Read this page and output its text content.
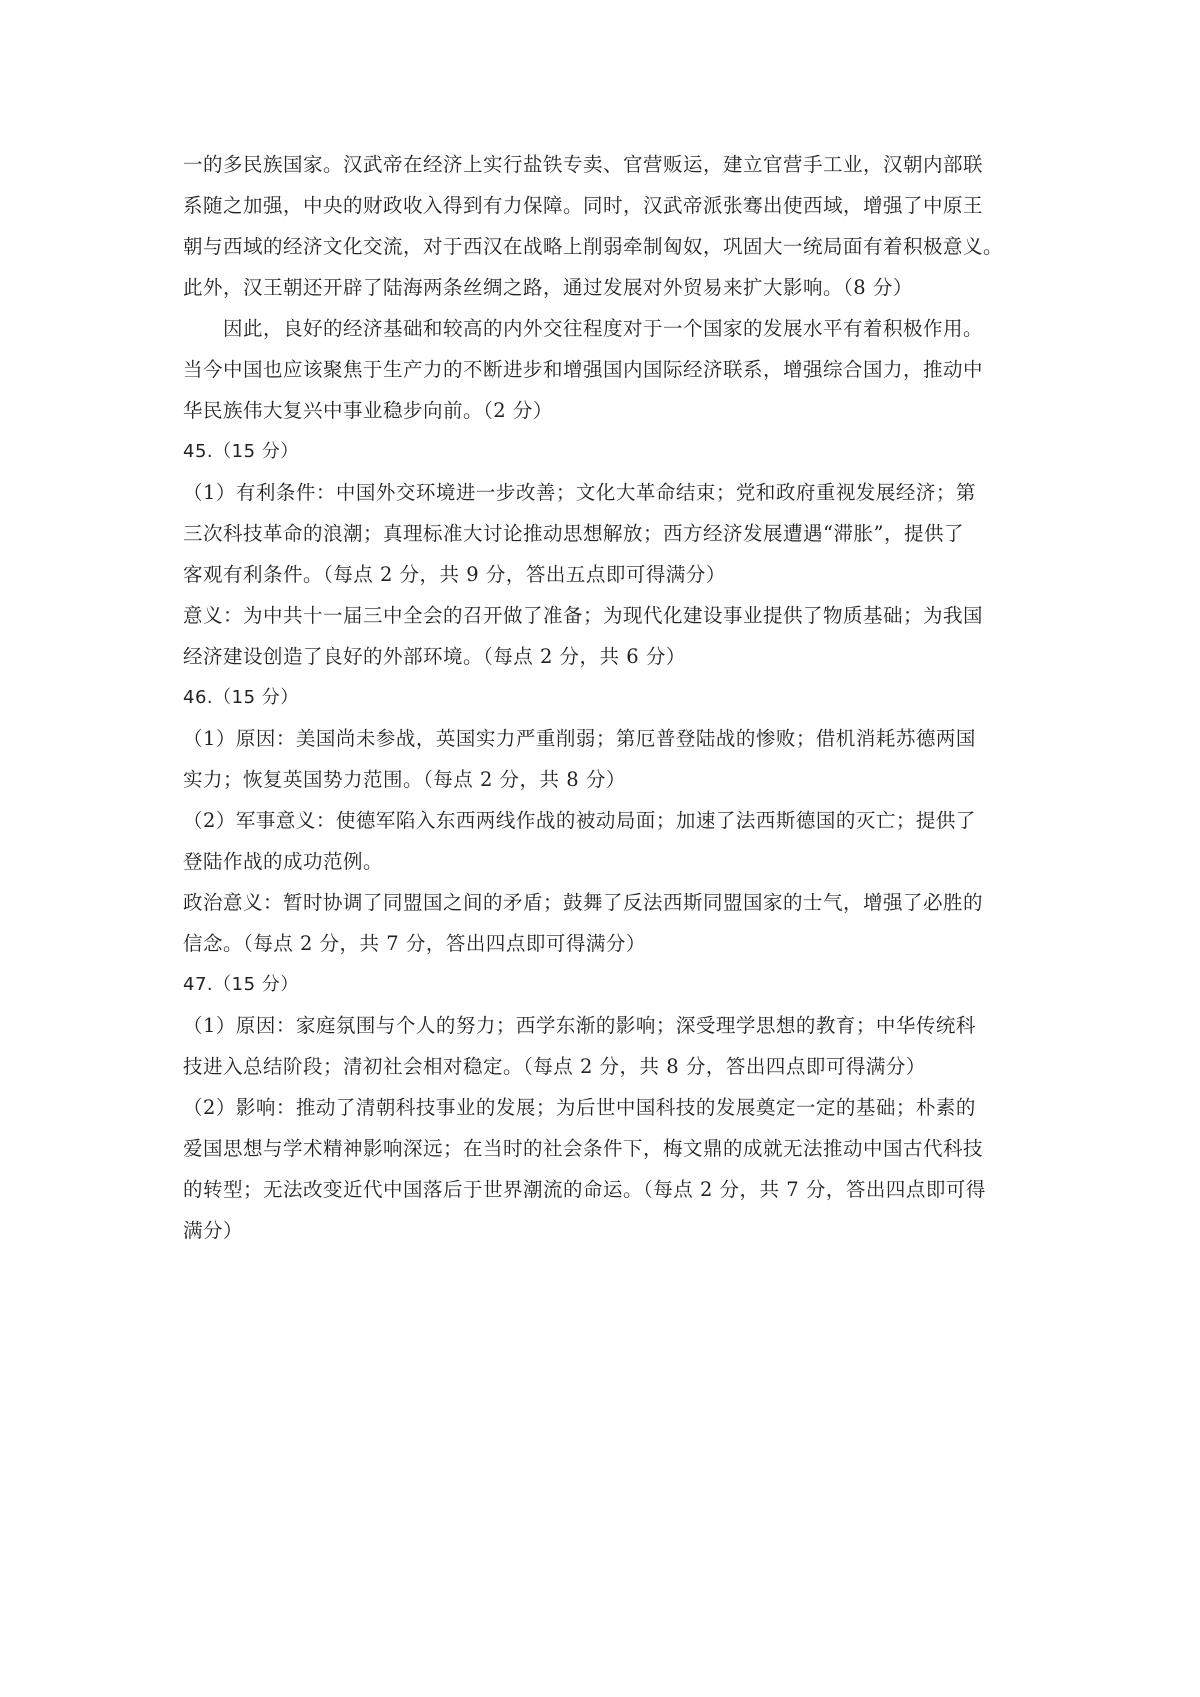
一的多民族国家。汉武帝在经济上实行盐铁专卖、官营贩运，建立官营手工业，汉朝内部联
系随之加强，中央的财政收入得到有力保障。同时，汉武帝派张骞出使西域，增强了中原王
朝与西域的经济文化交流，对于西汉在战略上削弱牵制匈奴，巩固大一统局面有着积极意义。
此外，汉王朝还开辟了陆海两条丝绸之路，通过发展对外贸易来扩大影响。（8 分）
因此，良好的经济基础和较高的内外交往程度对于一个国家的发展水平有着积极作用。
当今中国也应该聚焦于生产力的不断进步和增强国内国际经济联系，增强综合国力，推动中
华民族伟大复兴中事业稳步向前。（2 分）
45.（15 分）
（1）有利条件：中国外交环境进一步改善；文化大革命结束；党和政府重视发展经济；第
三次科技革命的浪潮；真理标准大讨论推动思想解放；西方经济发展遭遇“滞胀”，提供了
客观有利条件。（每点 2 分，共 9 分，答出五点即可得满分）
意义：为中共十一届三中全会的召开做了准备；为现代化建设事业提供了物质基础；为我国
经济建设创造了良好的外部环境。（每点 2 分，共 6 分）
46.（15 分）
（1）原因：美国尚未参战，英国实力严重削弱；第厄普登陆战的惨败；借机消耗苏德两国
实力；恢复英国势力范围。（每点 2 分，共 8 分）
（2）军事意义：使德军陷入东西两线作战的被动局面；加速了法西斯德国的灭亡；提供了
登陆作战的成功范例。
政治意义：暂时协调了同盟国之间的矛盾；鼓舞了反法西斯同盟国家的士气，增强了必胜的
信念。（每点 2 分，共 7 分，答出四点即可得满分）
47.（15 分）
（1）原因：家庭氛围与个人的努力；西学东渐的影响；深受理学思想的教育；中华传统科
技进入总结阶段；清初社会相对稳定。（每点 2 分，共 8 分，答出四点即可得满分）
（2）影响：推动了清朝科技事业的发展；为后世中国科技的发展奠定一定的基础；朴素的
爱国思想与学术精神影响深远；在当时的社会条件下，梅文鼎的成就无法推动中国古代科技
的转型；无法改变近代中国落后于世界潮流的命运。（每点 2 分，共 7 分，答出四点即可得
满分）
